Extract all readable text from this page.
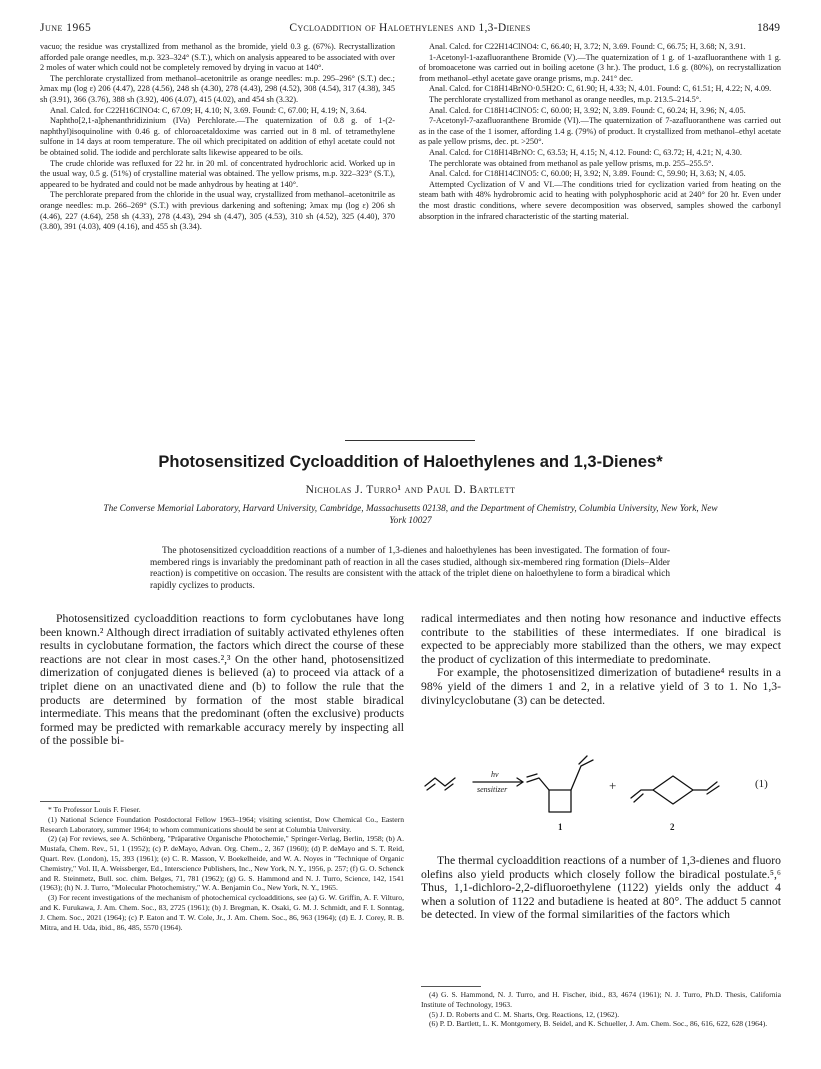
June 1965	Cycloaddition of Haloethylenes and 1,3-Dienes	1849

vacuo; the residue was crystallized from methanol as the bromide, yield 0.3 g. (67%). Recrystallization afforded pale orange needles, m.p. 323–324° (S.T.), which on analysis appeared to be associated with over 2 moles of water which could not be completely removed by drying in vacuo at 140°.

The perchlorate crystallized from methanol–acetonitrile as orange needles: m.p. 295–296° (S.T.) dec.; λmax mμ (log ε) 206 (4.47), 228 (4.56), 248 sh (4.30), 278 (4.43), 298 (4.52), 308 (4.54), 317 (4.38), 345 sh (3.91), 366 (3.76), 388 sh (3.92), 406 (4.07), 415 (4.02), and 454 sh (3.32).

Anal. Calcd. for C22H16ClNO4: C, 67.09; H, 4.10; N, 3.69. Found: C, 67.00; H, 4.19; N, 3.64.

Naphtho[2,1-a]phenanthridizinium (IVa) Perchlorate.—The quaternization of 0.8 g. of 1-(2-naphthyl)isoquinoline with 0.46 g. of chloroacetaldoxime was carried out in 8 ml. of tetramethylene sulfone in 14 days at room temperature. The oil which precipitated on addition of ethyl acetate could not be obtained solid. The iodide and perchlorate salts likewise appeared to be oils.

The crude chloride was refluxed for 22 hr. in 20 ml. of concentrated hydrochloric acid. Worked up in the usual way, 0.5 g. (51%) of crystalline material was obtained. The yellow prisms, m.p. 322–323° (S.T.), appeared to be hydrated and could not be made anhydrous by heating at 140°.

The perchlorate prepared from the chloride in the usual way, crystallized from methanol–acetonitrile as orange needles: m.p. 266–269° (S.T.) with previous darkening and softening; λmax mμ (log ε) 206 sh (4.46), 227 (4.64), 258 sh (4.33), 278 (4.43), 294 sh (4.47), 305 (4.53), 310 sh (4.52), 325 (4.40), 370 (3.80), 391 (4.03), 409 (4.16), and 455 sh (3.34).

Anal. Calcd. for C22H14ClNO4: C, 66.40; H, 3.72; N, 3.69. Found: C, 66.75; H, 3.68; N, 3.91.

1-Acetonyl-1-azafluoranthene Bromide (V).—The quaternization of 1 g. of 1-azafluoranthene with 1 g. of bromoacetone was carried out in boiling acetone (3 hr.). The product, 1.6 g. (80%), on recrystallization from methanol–ethyl acetate gave orange prisms, m.p. 241° dec.

Anal. Calcd. for C18H14BrNO·0.5H2O: C, 61.90; H, 4.33; N, 4.01. Found: C, 61.51; H, 4.22; N, 4.09.

The perchlorate crystallized from methanol as orange needles, m.p. 213.5–214.5°.

Anal. Calcd. for C18H14ClNO5: C, 60.00; H, 3.92; N, 3.89. Found: C, 60.24; H, 3.96; N, 4.05.

7-Acetonyl-7-azafluoranthene Bromide (VI).—The quaternization of 7-azafluoranthene was carried out as in the case of the 1 isomer, affording 1.4 g. (79%) of product. It crystallized from methanol–ethyl acetate as pale yellow prisms, dec. pt. >250°.

Anal. Calcd. for C18H14BrNO: C, 63.53; H, 4.15; N, 4.12. Found: C, 63.72; H, 4.21; N, 4.30.

The perchlorate was obtained from methanol as pale yellow prisms, m.p. 255–255.5°.

Anal. Calcd. for C18H14ClNO5: C, 60.00; H, 3.92; N, 3.89. Found: C, 59.90; H, 3.63; N, 4.05.

Attempted Cyclization of V and VI.—The conditions tried for cyclization varied from heating on the steam bath with 48% hydrobromic acid to heating with polyphosphoric acid at 240° for 20 hr. Even under the most drastic conditions, where severe decomposition was observed, samples showed the carbonyl absorption in the infrared characteristic of the starting material.

Photosensitized Cycloaddition of Haloethylenes and 1,3-Dienes*
Nicholas J. Turro¹ and Paul D. Bartlett
The Converse Memorial Laboratory, Harvard University, Cambridge, Massachusetts 02138, and the Department of Chemistry, Columbia University, New York, New York 10027
The photosensitized cycloaddition reactions of a number of 1,3-dienes and haloethylenes has been investigated. The formation of four-membered rings is invariably the predominant path of reaction in all the cases studied, although six-membered ring formation (Diels–Alder reaction) is competitive on occasion. The results are consistent with the attack of the triplet diene on haloethylene to form a biradical which rapidly cyclizes to products.

Photosensitized cycloaddition reactions to form cyclobutanes have long been known.² Although direct irradiation of suitably activated ethylenes often results in cyclobutane formation, the factors which direct the course of these reactions are not clear in most cases.²,³ On the other hand, photosensitized dimerization of conjugated dienes is believed (a) to proceed via attack of a triplet diene on an unactivated diene and (b) to follow the rule that the products are determined by formation of the most stable biradical intermediate. This means that the predominant (often the exclusive) products formed may be predicted with remarkable accuracy merely by inspecting all of the possible bi-

* To Professor Louis F. Fieser.

(1) National Science Foundation Postdoctoral Fellow 1963–1964; visiting scientist, Dow Chemical Co., Eastern Research Laboratory, summer 1964; to whom communications should be sent at Columbia University.

(2) (a) For reviews, see A. Schönberg, "Präparative Organische Photochemie," Springer-Verlag, Berlin, 1958; (b) A. Mustafa, Chem. Rev., 51, 1 (1952); (c) P. deMayo, Advan. Org. Chem., 2, 367 (1960); (d) P. deMayo and S. T. Reid, Quart. Rev. (London), 15, 393 (1961); (e) C. R. Masson, V. Boekelheide, and W. A. Noyes in "Technique of Organic Chemistry," Vol. II, A. Weissberger, Ed., Interscience Publishers, Inc., New York, N. Y., 1956, p. 257; (f) G. O. Schenck and R. Steinmetz, Bull. soc. chim. Belges, 71, 781 (1962); (g) G. S. Hammond and N. J. Turro, Science, 142, 1541 (1963); (h) N. J. Turro, "Molecular Photochemistry," W. A. Benjamin Co., New York, N. Y., 1965.

(3) For recent investigations of the mechanism of photochemical cycloadditions, see (a) G. W. Griffin, A. F. Vilturo, and K. Furukawa, J. Am. Chem. Soc., 83, 2725 (1961); (b) J. Bregman, K. Osaki, G. M. J. Schmidt, and F. I. Sonntag, J. Chem. Soc., 2021 (1964); (c) P. Eaton and T. W. Cole, Jr., J. Am. Chem. Soc., 86, 963 (1964); (d) E. J. Corey, R. B. Mitra, and H. Uda, ibid., 86, 485, 5570 (1964).

radical intermediates and then noting how resonance and inductive effects contribute to the stabilities of these intermediates. If one biradical is expected to be appreciably more stabilized than the others, we may expect the product of cyclization of this intermediate to predominate.

For example, the photosensitized dimerization of butadiene⁴ results in a 98% yield of the dimers 1 and 2, in a relative yield of 3 to 1. No 1,3-divinylcyclobutane (3) can be detected.

hν
sensitizer	+
1	2
(1)

The thermal cycloaddition reactions of a number of 1,3-dienes and fluoro olefins also yield products which closely follow the biradical postulate.⁵,⁶ Thus, 1,1-dichloro-2,2-difluoroethylene (1122) yields only the adduct 4 when a solution of 1122 and butadiene is heated at 80°. The adduct 5 cannot be detected. In view of the formal similarities of the factors which

(4) G. S. Hammond, N. J. Turro, and H. Fischer, ibid., 83, 4674 (1961); N. J. Turro, Ph.D. Thesis, California Institute of Technology, 1963.

(5) J. D. Roberts and C. M. Sharts, Org. Reactions, 12, (1962).

(6) P. D. Bartlett, L. K. Montgomery, B. Seidel, and K. Schueller, J. Am. Chem. Soc., 86, 616, 622, 628 (1964).
